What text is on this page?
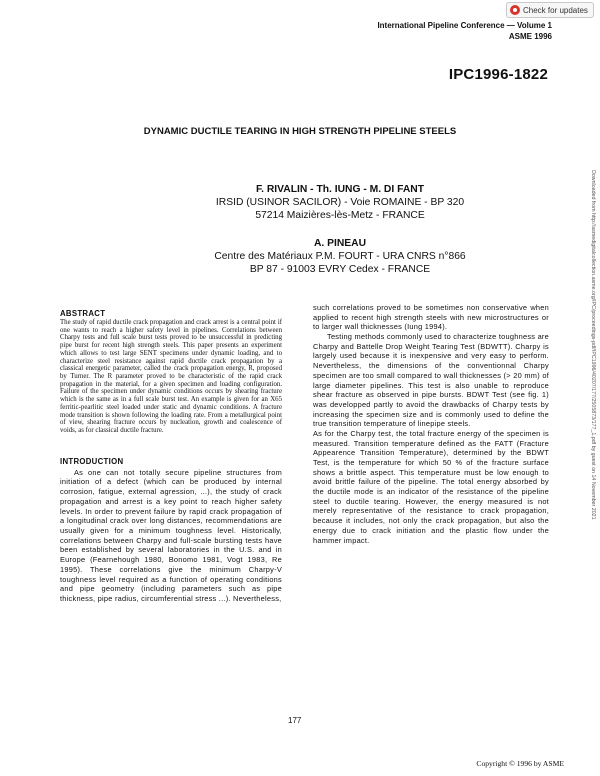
Check for updates
International Pipeline Conference — Volume 1
ASME 1996
IPC1996-1822
DYNAMIC DUCTILE TEARING IN HIGH STRENGTH PIPELINE STEELS
F. RIVALIN - Th. IUNG - M. DI FANT
IRSID (USINOR SACILOR) - Voie ROMAINE - BP 320
57214 Maizières-lès-Metz - FRANCE
A. PINEAU
Centre des Matériaux P.M. FOURT - URA CNRS n°866
BP 87 - 91003 EVRY Cedex - FRANCE	Downloaded from http://asmedigitalcollection.asme.org/IPC/proceedings-pdf/IPC1996/40207/177/2505873/177_1.pdf by guest on 14 November 2021

ABSTRACT

The study of rapid ductile crack propagation and crack arrest is a central point if one wants to reach a higher safety level in pipelines. Correlations between Charpy tests and full scale burst tests proved to be unsuccessful in predicting pipe burst for recent high strength steels. This paper presents an experiment which allows to test large SENT specimens under dynamic loading, and to characterize steel resistance against rapid ductile crack propagation by a classical energetic parameter, called the crack propagation energy, R, proposed by Turner. The R parameter proved to be characteristic of the rapid crack propagation in the material, for a given specimen and loading configuration. Failure of the specimen under dynamic conditions occurs by shearing fracture which is the same as in a full scale burst test. An example is given for an X65 ferritic-pearlitic steel loaded under static and dynamic conditions. A fracture mode transition is shown following the loading rate. From a metallurgical point of view, shearing fracture occurs by nucleation, growth and coalescence of voids, as for classical ductile fracture.

INTRODUCTION

As one can not totally secure pipeline structures from initiation of a defect (which can be produced by internal corrosion, fatigue, external agression, ...), the study of crack propagation and arrest is a key point to reach higher safety levels. In order to prevent failure by rapid crack propagation of a longitudinal crack over long distances, recommendations are usually given for a minimum toughness level. Historically, correlations between Charpy and full-scale bursting tests have been established by several laboratories in the U.S. and in Europe (Fearnehough 1980, Bonomo 1981, Vogt 1983, Re 1995). These correlations give the minimum Charpy-V toughness level required as a function of operating conditions and pipe geometry (including parameters such as pipe thickness, pipe radius, circumferential stress ...). Nevertheless,

such correlations proved to be sometimes non conservative when applied to recent high strength steels with new microstructures or to larger wall thicknesses (Iung 1994).

Testing methods commonly used to characterize toughness are Charpy and Battelle Drop Weight Tearing Test (BDWTT). Charpy is largely used because it is inexpensive and very easy to perform. Nevertheless, the dimensions of the conventionnal Charpy specimen are too small compared to wall thicknesses (> 20 mm) of large diameter pipelines. This test is also unable to reproduce shear fracture as observed in pipe bursts. BDWT Test (see fig. 1) was developped partly to avoid the drawbacks of Charpy tests by increasing the specimen size and is commonly used to define the true transition temperature of linepipe steels.

As for the Charpy test, the total fracture energy of the specimen is measured. Transition temperature defined as the FATT (Fracture Appearence Transition Temperature), determined by the BDWT Test, is the temperature for which 50 % of the fracture surface shows a brittle aspect. This temperature must be low enough to avoid brittle failure of the pipeline. The total energy absorbed by the ductile mode is an indicator of the resistance of the pipeline steel to ductile tearing. However, the energy measured is not merely representative of the resistance to crack propagation, because it includes, not only the crack propagation, but also the energy due to crack initiation and the plastic flow under the hammer impact.

177
Copyright © 1996 by ASME
